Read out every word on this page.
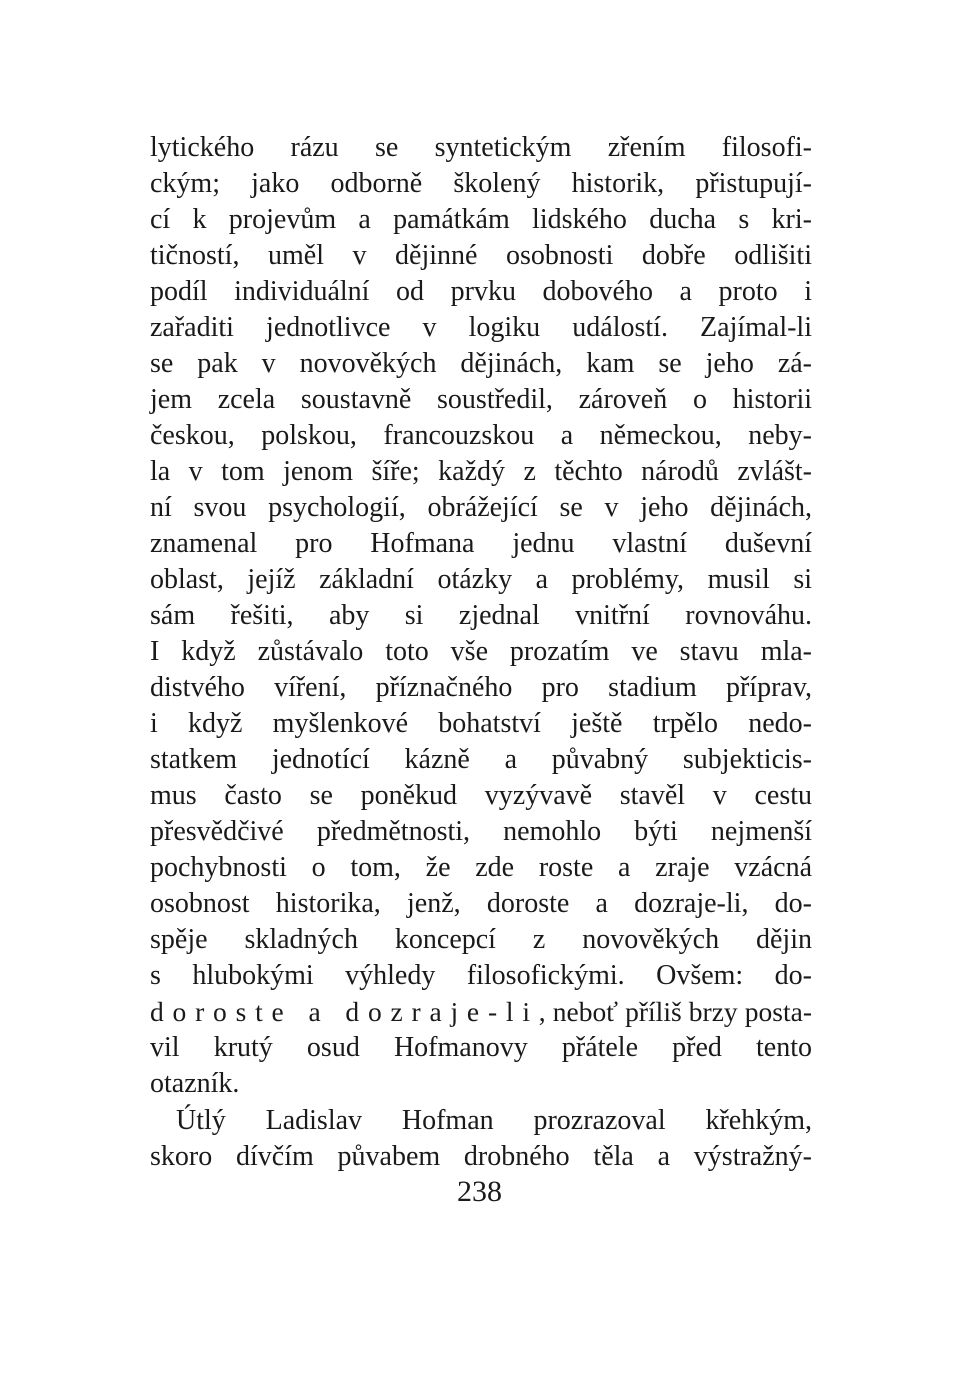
lytického rázu se syntetickým zřením filosofi-
ckým; jako odborně školený historik, přistupují-
cí k projevům a památkám lidského ducha s kri-
tičností, uměl v dějinné osobnosti dobře odlišiti
podíl individuální od prvku dobového a proto i
zařaditi jednotlivce v logiku událostí. Zajímal-li
se pak v novověkých dějinách, kam se jeho zá-
jem zcela soustavně soustředil, zároveň o historii
českou, polskou, francouzskou a německou, neby-
la v tom jenom šíře; každý z těchto národů zvlášt-
ní svou psychologií, obrážející se v jeho dějinách,
znamenal pro Hofmana jednu vlastní duševní
oblast, jejíž základní otázky a problémy, musil si
sám řešiti, aby si zjednal vnitřní rovnováhu.
I když zůstávalo toto vše prozatím ve stavu mla-
distvého víření, příznačného pro stadium příprav,
i když myšlenkové bohatství ještě trpělo nedo-
statkem jednotící kázně a půvabný subjekticis-
mus často se poněkud vyzývavě stavěl v cestu
přesvědčivé předmětnosti, nemohlo býti nejmenší
pochybnosti o tom, že zde roste a zraje vzácná
osobnost historika, jenž, doroste a dozraje-li, do-
spěje skladných koncepcí z novověkých dějin
s hlubokými výhledy filosofickými. Ovšem: do-
doroste a dozraje-li, neboť příliš brzy posta-
vil krutý osud Hofmanovy přátele před tento
otazník.
Útlý Ladislav Hofman prozrazoval křehkým,
skoro dívčím půvabem drobného těla a výstražný-
238
